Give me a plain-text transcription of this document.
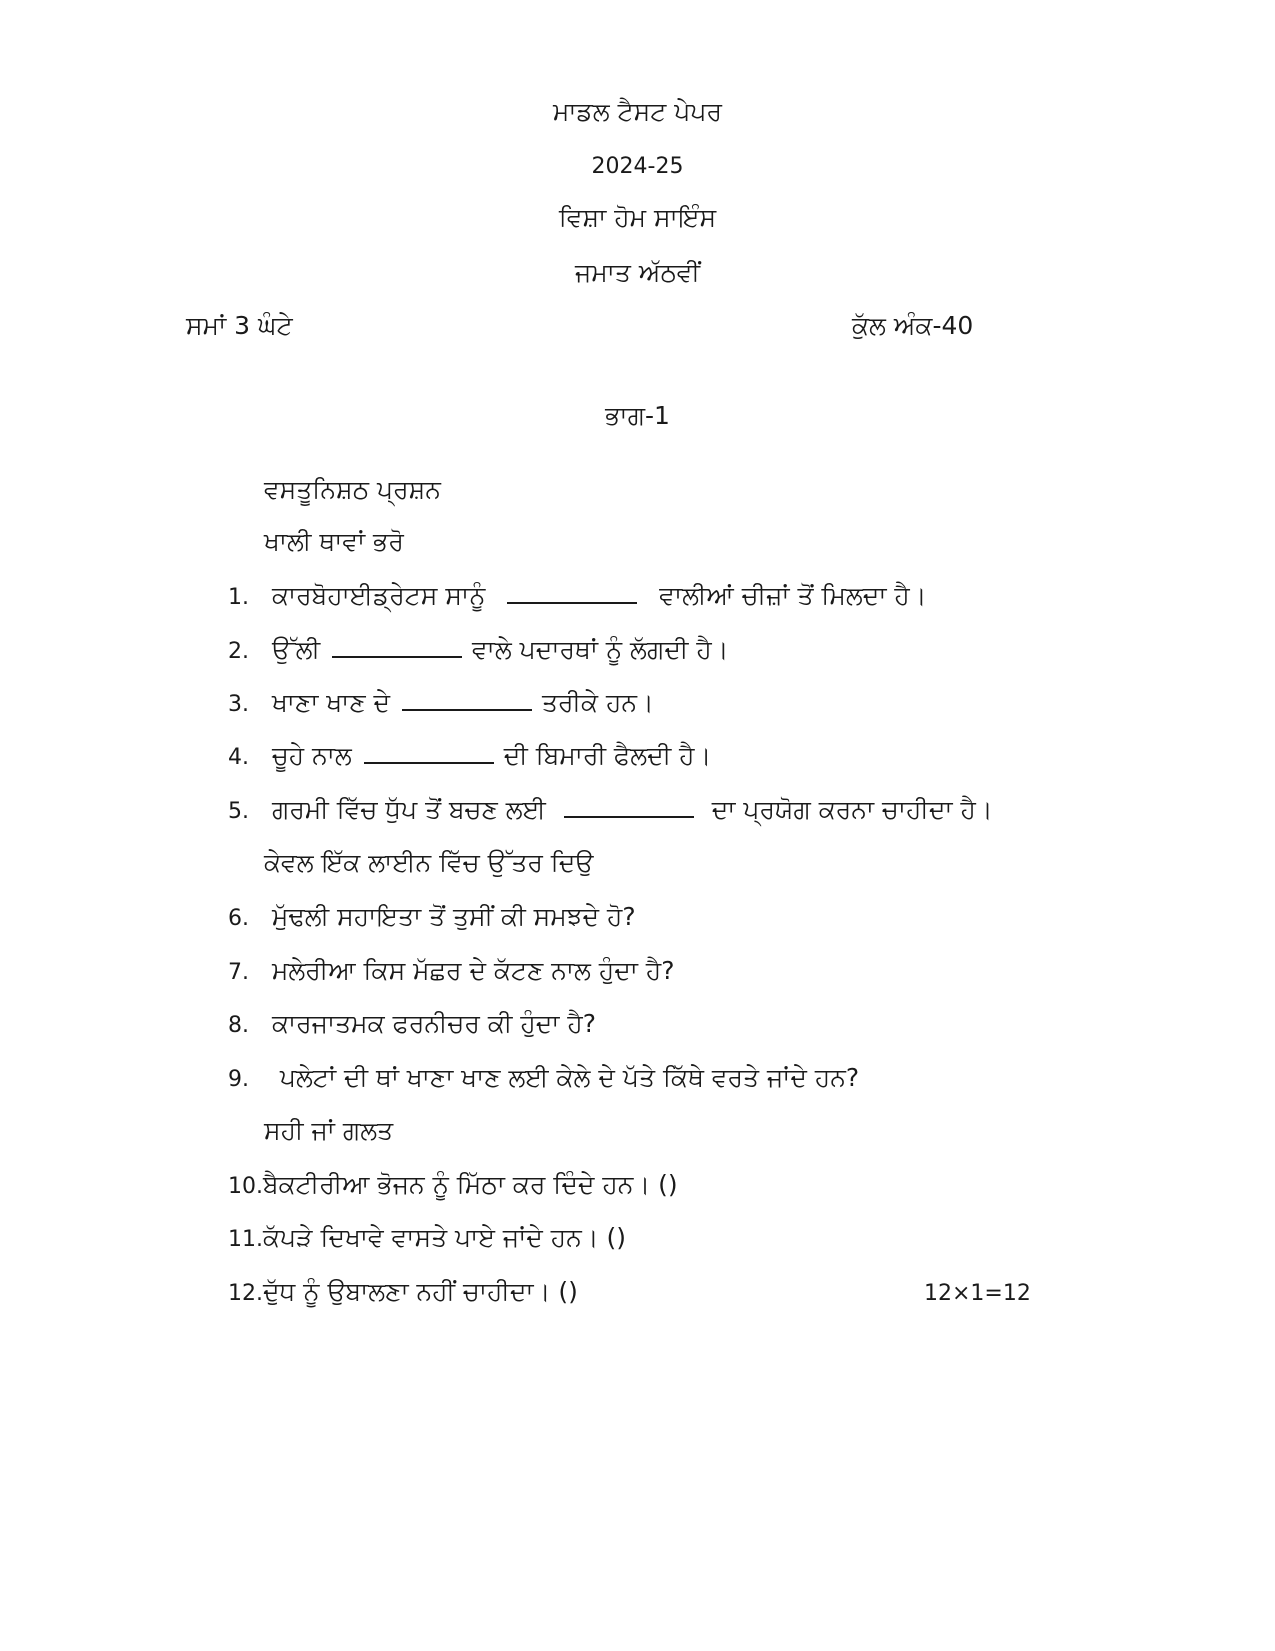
ਮਾਡਲ ਟੈਸਟ ਪੇਪਰ
2024-25
ਵਿਸ਼ਾ ਹੋਮ ਸਾਇੰਸ
ਜਮਾਤ ਅੱਠਵੀਂ
ਸਮਾਂ 3 ਘੰਟੇ	ਕੁੱਲ ਅੰਕ-40
ਭਾਗ-1
ਵਸਤੂਨਿਸ਼ਠ ਪ੍ਰਸ਼ਨ
ਖਾਲੀ ਥਾਵਾਂ ਭਰੋ
1. ਕਾਰਬੋਹਾਈਡ੍ਰੇਟਸ ਸਾਨੂੰ	ਵਾਲੀਆਂ ਚੀਜ਼ਾਂ ਤੋਂ ਮਿਲਦਾ ਹੈ।
2. ਉੱਲੀ	ਵਾਲੇ ਪਦਾਰਥਾਂ ਨੂੰ ਲੱਗਦੀ ਹੈ।
3. ਖਾਣਾ ਖਾਣ ਦੇ	ਤਰੀਕੇ ਹਨ।
4. ਚੂਹੇ ਨਾਲ	ਦੀ ਬਿਮਾਰੀ ਫੈਲਦੀ ਹੈ।
5. ਗਰਮੀ ਵਿੱਚ ਧੁੱਪ ਤੋਂ ਬਚਣ ਲਈ	ਦਾ ਪ੍ਰਯੋਗ ਕਰਨਾ ਚਾਹੀਦਾ ਹੈ।
ਕੇਵਲ ਇੱਕ ਲਾਈਨ ਵਿੱਚ ਉੱਤਰ ਦਿਉ
6. ਮੁੱਢਲੀ ਸਹਾਇਤਾ ਤੋਂ ਤੁਸੀਂ ਕੀ ਸਮਝਦੇ ਹੋ?
7. ਮਲੇਰੀਆ ਕਿਸ ਮੱਛਰ ਦੇ ਕੱਟਣ ਨਾਲ ਹੁੰਦਾ ਹੈ?
8. ਕਾਰਜਾਤਮਕ ਫਰਨੀਚਰ ਕੀ ਹੁੰਦਾ ਹੈ?
9.  ਪਲੇਟਾਂ ਦੀ ਥਾਂ ਖਾਣਾ ਖਾਣ ਲਈ ਕੇਲੇ ਦੇ ਪੱਤੇ ਕਿੱਥੇ ਵਰਤੇ ਜਾਂਦੇ ਹਨ?
ਸਹੀ ਜਾਂ ਗਲਤ
10.ਬੈਕਟੀਰੀਆ ਭੋਜਨ ਨੂੰ ਮਿੱਠਾ ਕਰ ਦਿੰਦੇ ਹਨ। ()
11.ਕੱਪੜੇ ਦਿਖਾਵੇ ਵਾਸਤੇ ਪਾਏ ਜਾਂਦੇ ਹਨ। ()
12.ਦੁੱਧ ਨੂੰ ਉਬਾਲਣਾ ਨਹੀਂ ਚਾਹੀਦਾ। ()	12×1=12
